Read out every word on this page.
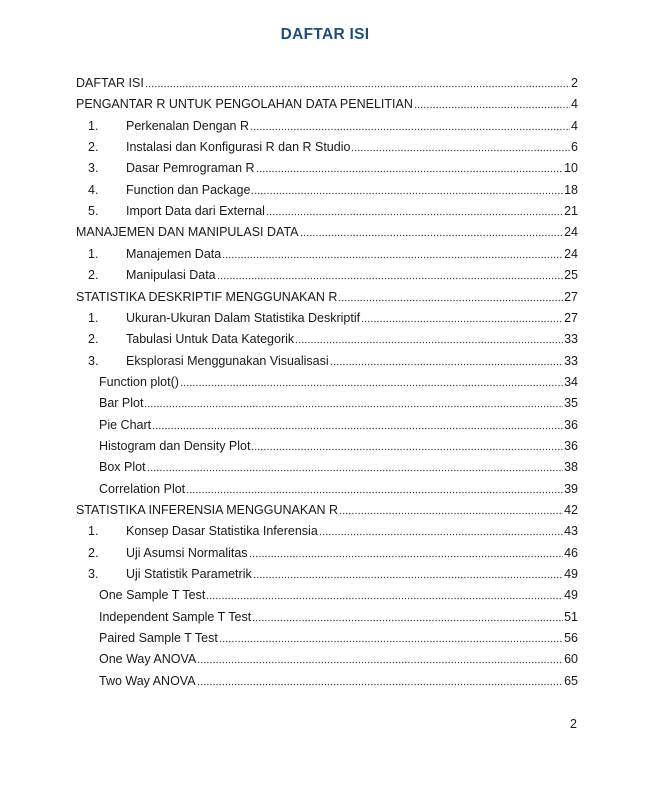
DAFTAR ISI
DAFTAR ISI	2
PENGANTAR R UNTUK PENGOLAHAN DATA PENELITIAN	4
1.	Perkenalan Dengan R	4
2.	Instalasi dan Konfigurasi R dan R Studio	6
3.	Dasar Pemrograman R	10
4.	Function dan Package	18
5.	Import Data dari External	21
MANAJEMEN DAN MANIPULASI DATA	24
1.	Manajemen Data	24
2.	Manipulasi Data	25
STATISTIKA DESKRIPTIF MENGGUNAKAN R	27
1.	Ukuran-Ukuran Dalam Statistika Deskriptif	27
2.	Tabulasi Untuk Data Kategorik	33
3.	Eksplorasi Menggunakan Visualisasi	33
Function plot()	34
Bar Plot	35
Pie Chart	36
Histogram dan Density Plot	36
Box Plot	38
Correlation Plot	39
STATISTIKA INFERENSIA MENGGUNAKAN R	42
1.	Konsep Dasar Statistika Inferensia	43
2.	Uji Asumsi Normalitas	46
3.	Uji Statistik Parametrik	49
One Sample T Test	49
Independent Sample T Test	51
Paired Sample T Test	56
One Way ANOVA	60
Two Way ANOVA	65
2
